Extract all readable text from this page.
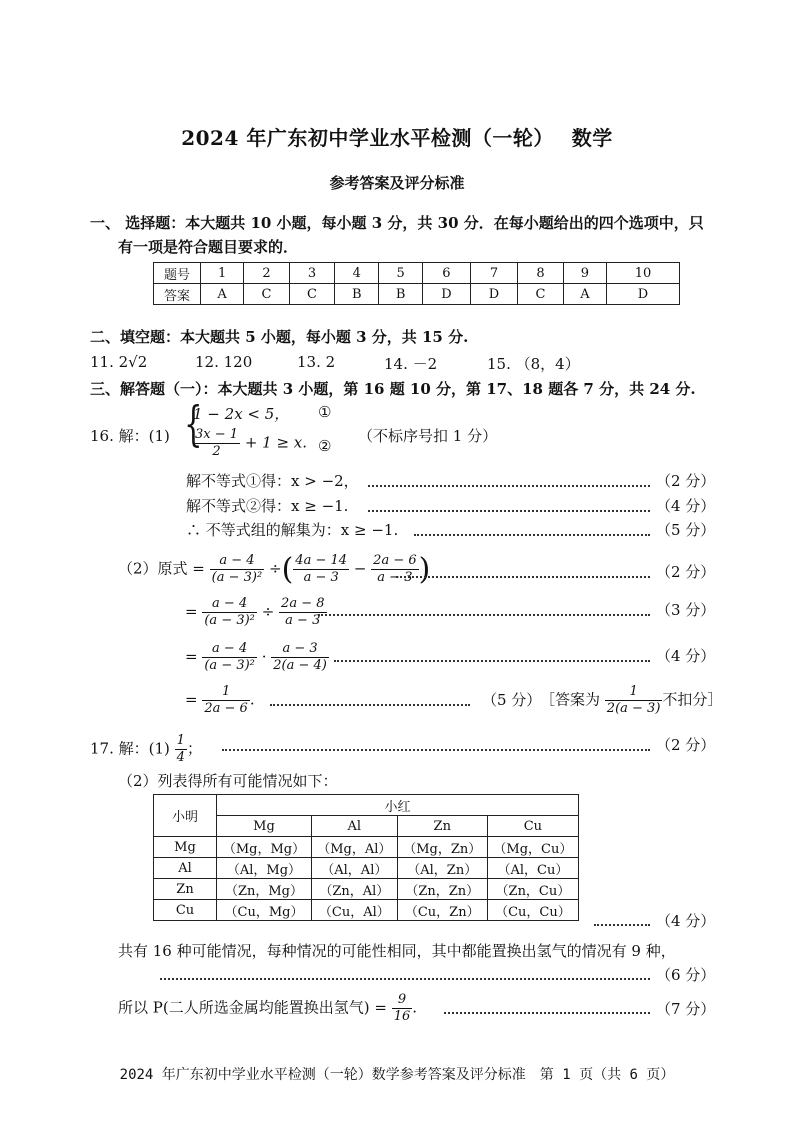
2024 年广东初中学业水平检测（一轮）　 数学
参考答案及评分标准
一、 选择题：本大题共 10 小题，每小题 3 分，共 30 分．在每小题给出的四个选项中，只
有一项是符合题目要求的．
题号	1	2	3	4	5	6	7	8	9	10
答案	A	C	C	B	B	D	D	C	A	D
二、填空题：本大题共 5 小题，每小题 3 分，共 15 分.
11. 2√2	12. 120	13. 2	14. －2	15. （8，4）
三、解答题（一）：本大题共 3 小题，第 16 题 10 分，第 17、18 题各 7 分，共 24 分.
16. 解：(1) {
1 − 2x < 5， ①
$\frac{3x - 1}{2} + 1 \ge x$. ②
（不标序号扣 1 分）
解不等式①得：x > −2，	（2 分）
解不等式②得：x ≥ −1.	（4 分）
∴ 不等式组的解集为：x ≥ −1.	（5 分）
（2）原式 = $\frac{a - 4}{\text{(a − 3)²}}$ ÷( $\frac{4a - 14}{a - 3} - \frac{2a - 6}{a - 3}$ )	（2 分）
= $\frac{a - 4}{\text{(a − 3)²}} \div \frac{2a - 8}{a - 3}$	（3 分）
= $\frac{a - 4}{\text{(a − 3)²}} \cdot \frac{a - 3}{2(a - 4)}$	（4 分）
= $\frac{1}{2a - 6}$ .	（5 分）
［答案为 $\frac{1}{2(a - 3)}$ 不扣分］
17. 解：$(1) \frac{1}{4}$ ；	（2 分）
（2）列表得所有可能情况如下：
小明	小红			
	Mg	Al	Zn	Cu
Mg	（Mg，Mg）	（Mg，Al）	（Mg，Zn）	（Mg，Cu）
Al	（Al，Mg）	（Al，Al）	（Al，Zn）	（Al，Cu）
Zn	（Zn，Mg）	（Zn，Al）	（Zn，Zn）	（Zn，Cu）
Cu	（Cu，Mg）	（Cu，Al）	（Cu，Zn）	（Cu，Cu）	（4 分）
共有 16 种可能情况，每种情况的可能性相同，其中都能置换出氢气的情况有 9 种，
（6 分）
所以 P(二人所选金属均能置换出氢气) = $\frac{9}{16}$ .	（7 分）
2024 年广东初中学业水平检测（一轮）数学参考答案及评分标准　第 1 页（共 6 页）
